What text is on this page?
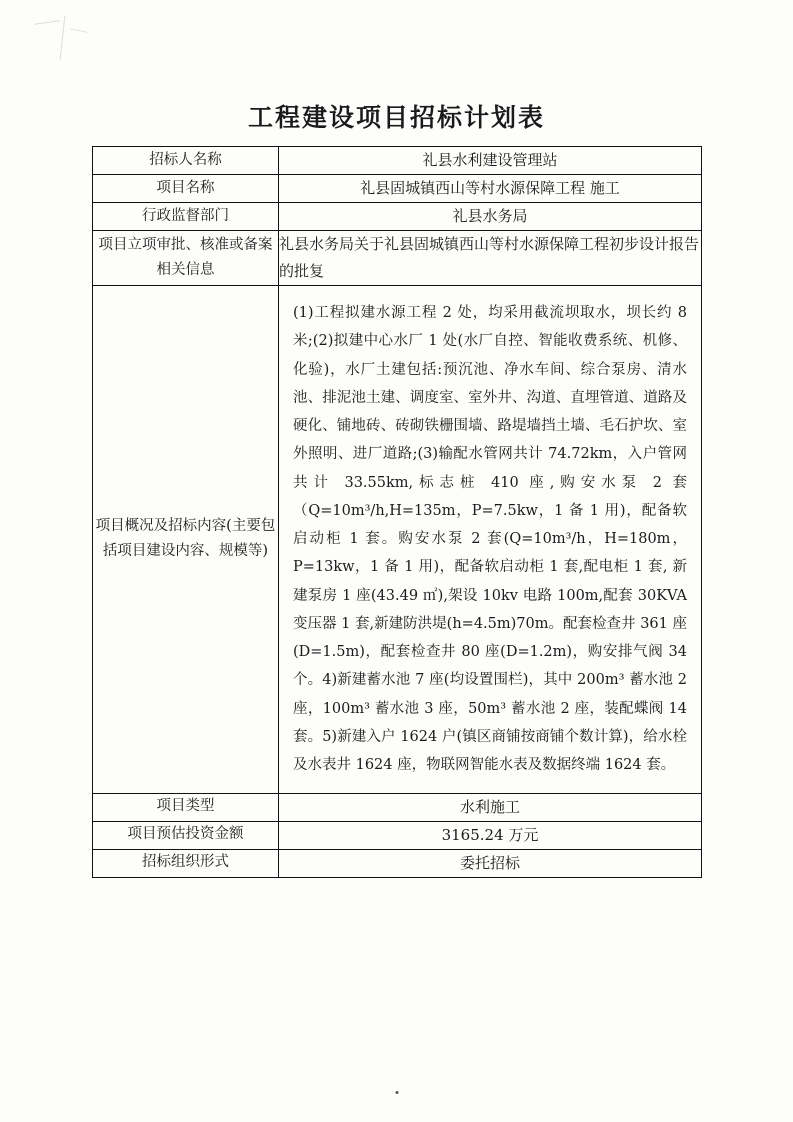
工程建设项目招标计划表
招标人名称	礼县水利建设管理站

项目名称	礼县固城镇西山等村水源保障工程 施工

行政监督部门	礼县水务局

项目立项审批、核准或备案相关信息	礼县水务局关于礼县固城镇西山等村水源保障工程初步设计报告的批复

项目概况及招标内容(主要包括项目建设内容、规模等)	(1)工程拟建水源工程 2 处，均采用截流坝取水，坝长约 8 米;(2)拟建中心水厂 1 处(水厂自控、智能收费系统、机修、化验)，水厂土建包括:预沉池、净水车间、综合泵房、清水池、排泥池土建、调度室、室外井、沟道、直埋管道、道路及硬化、铺地砖、砖砌铁栅围墙、路堤墙挡土墙、毛石护坎、室外照明、进厂道路;(3)输配水管网共计 74.72km，入户管网共计 33.55km,标志桩 410 座,购安水泵 2 套（Q=10m³/h,H=135m，P=7.5kw，1 备 1 用)，配备软启动柜 1 套。购安水泵 2 套(Q=10m³/h，H=180m，P=13kw，1 备 1 用)，配备软启动柜 1 套,配电柜 1 套, 新建泵房 1 座(43.49 ㎡),架设 10kv 电路 100m,配套 30KVA 变压器 1 套,新建防洪堤(h=4.5m)70m。配套检查井 361 座(D=1.5m)，配套检查井 80 座(D=1.2m)，购安排气阀 34 个。4)新建蓄水池 7 座(均设置围栏)，其中 200m³ 蓄水池 2 座，100m³ 蓄水池 3 座，50m³ 蓄水池 2 座，装配蝶阀 14 套。5)新建入户 1624 户(镇区商铺按商铺个数计算)，给水栓及水表井 1624 座，物联网智能水表及数据终端 1624 套。

项目类型	水利施工

项目预估投资金额	3165.24 万元

招标组织形式	委托招标
